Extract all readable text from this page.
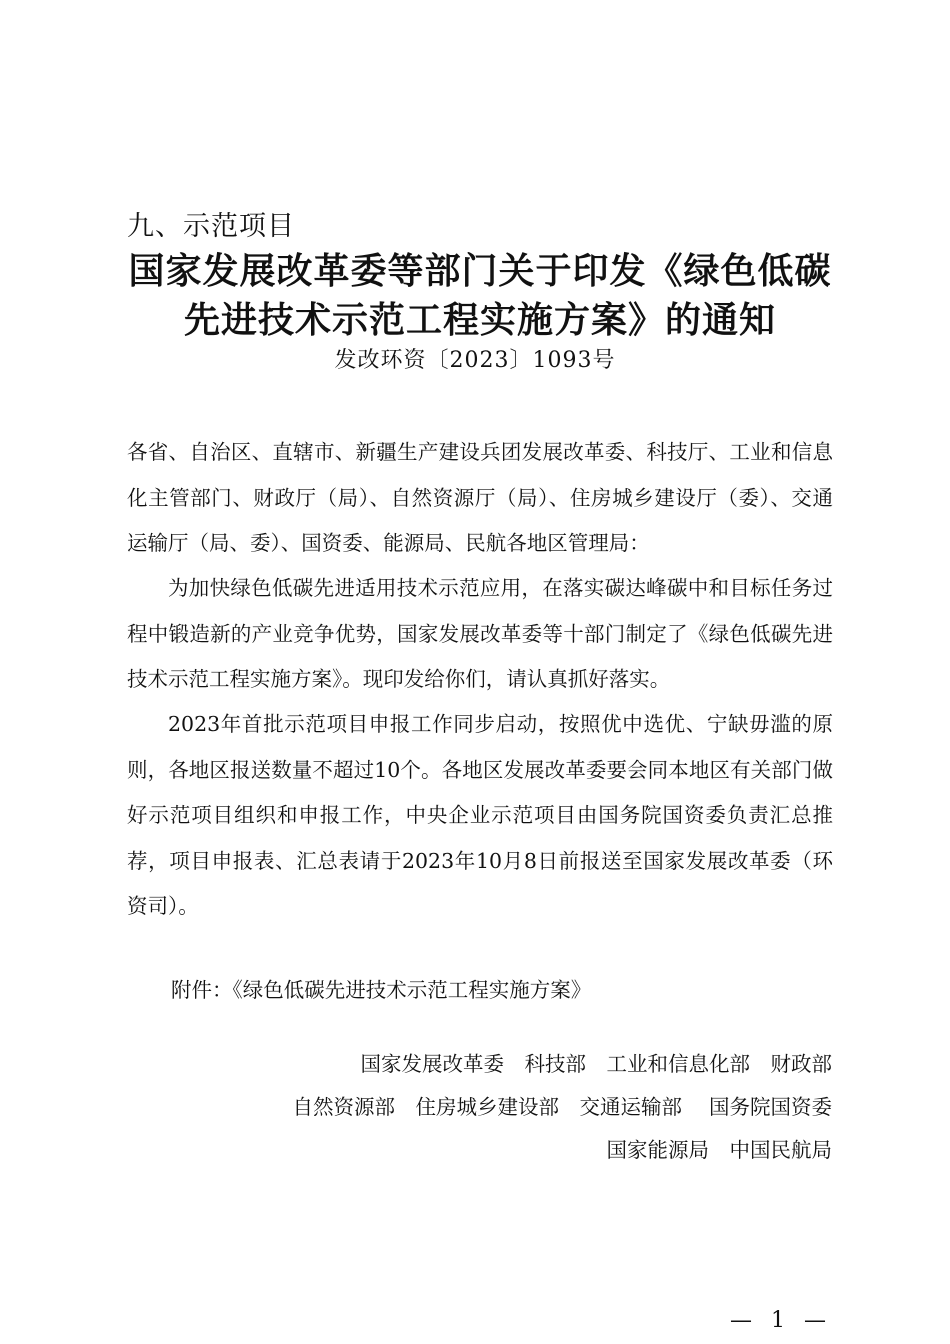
九、示范项目
国家发展改革委等部门关于印发《绿色低碳
先进技术示范工程实施方案》的通知
发改环资〔2023〕1093号

各省、自治区、直辖市、新疆生产建设兵团发展改革委、科技厅、工业和信息化主管部门、财政厅（局）、自然资源厅（局）、住房城乡建设厅（委）、交通运输厅（局、委）、国资委、能源局、民航各地区管理局：

为加快绿色低碳先进适用技术示范应用，在落实碳达峰碳中和目标任务过程中锻造新的产业竞争优势，国家发展改革委等十部门制定了《绿色低碳先进技术示范工程实施方案》。现印发给你们，请认真抓好落实。

2023年首批示范项目申报工作同步启动，按照优中选优、宁缺毋滥的原则，各地区报送数量不超过10个。各地区发展改革委要会同本地区有关部门做好示范项目组织和申报工作，中央企业示范项目由国务院国资委负责汇总推荐，项目申报表、汇总表请于2023年10月8日前报送至国家发展改革委（环资司）。

附件：《绿色低碳先进技术示范工程实施方案》
国家发展改革委　科技部　工业和信息化部　财政部
自然资源部　住房城乡建设部　交通运输部　 国务院国资委
国家能源局　中国民航局
— 1 —
